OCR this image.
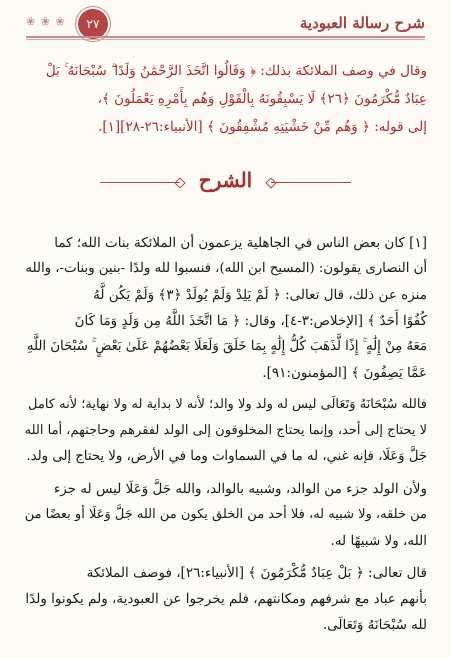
❀ ❀ ❀	٢٧	شرح رسالة العبودية
وقال في وصف الملائكة بذلك: ﴿ وَقَالُوا اتَّخَذَ الرَّحْمَٰنُ وَلَدًا ۗ سُبْحَانَهُ ۚ بَلْ
عِبَادٌ مُّكْرَمُونَ ﴿٢٦﴾ لَا يَسْبِقُونَهُ بِالْقَوْلِ وَهُم بِأَمْرِهِ يَعْمَلُونَ ﴾،
إلى قوله: ﴿ وَهُم مِّنْ خَشْيَتِهِ مُشْفِقُونَ ﴾ [الأنبياء:٢٦-٢٨][١].
الشرح
[١] كان بعض الناس في الجاهلية يزعمون أن الملائكة بنات الله؛ كما
أن النصارى يقولون: (المسيح ابن الله)، فنسبوا لله ولدًا -بنين وبنات-، والله
منزه عن ذلك، قال تعالى: ﴿ لَمْ يَلِدْ وَلَمْ يُولَدْ ﴿٣﴾ وَلَمْ يَكُن لَّهُ
كُفُوًا أَحَدٌ ﴾ [الإخلاص:٣-٤]، وقال: ﴿ مَا اتَّخَذَ اللَّهُ مِن وَلَدٍ وَمَا كَانَ
مَعَهُ مِنْ إِلَٰهٍ ۚ إِذًا لَّذَهَبَ كُلُّ إِلَٰهٍ بِمَا خَلَقَ وَلَعَلَا بَعْضُهُمْ عَلَىٰ بَعْضٍ ۚ سُبْحَانَ اللَّهِ
عَمَّا يَصِفُونَ ﴾ [المؤمنون:٩١].
فالله سُبْحَانَهُ وَتَعَالَى ليس له ولد ولا والد؛ لأنه لا بداية له ولا نهاية؛ لأنه كامل
لا يحتاج إلى أحد، وإنما يحتاج المخلوقون إلى الولد لفقرهم وحاجتهم، أما الله
جَلَّ وَعَلَا، فإنه غني، له ما في السماوات وما في الأرض، ولا يحتاج إلى ولد.
ولأن الولد جزء من الوالد، وشبيه بالوالد، والله جَلَّ وَعَلَا ليس له جزء
من خلقه، ولا شبيه له، فلا أحد من الخلق يكون من الله جَلَّ وَعَلَا أو بعضًا من
الله، ولا شبيهًا له.
قال تعالى: ﴿ بَلْ عِبَادٌ مُّكْرَمُونَ ﴾ [الأنبياء:٢٦]، فوصف الملائكة
بأنهم عباد مع شرفهم ومكانتهم، فلم يخرجوا عن العبودية، ولم يكونوا ولدًا
لله سُبْحَانَهُ وَتَعَالَى.
